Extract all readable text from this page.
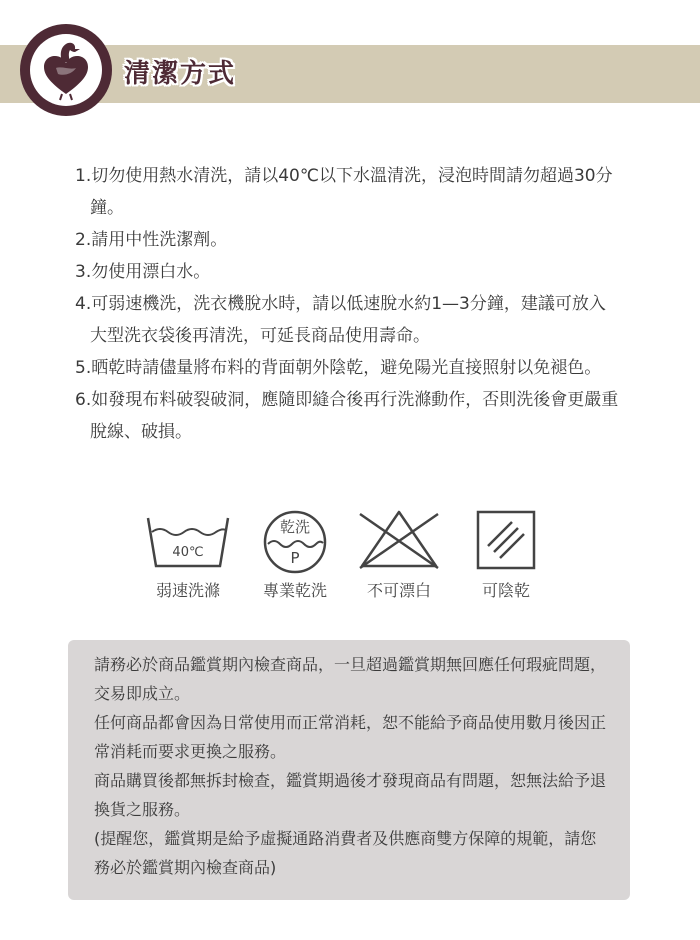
清潔方式
1.切勿使用熱水清洗，請以40℃以下水溫清洗，浸泡時間請勿超過30分鐘。
2.請用中性洗潔劑。
3.勿使用漂白水。
4.可弱速機洗，洗衣機脫水時，請以低速脫水約1—3分鐘，建議可放入大型洗衣袋後再清洗，可延長商品使用壽命。
5.晒乾時請儘量將布料的背面朝外陰乾，避免陽光直接照射以免褪色。
6.如發現布料破裂破洞，應隨即縫合後再行洗滌動作，否則洗後會更嚴重脫線、破損。
40℃
弱速洗滌
乾洗
P
專業乾洗 不可漂白	可陰乾

請務必於商品鑑賞期內檢查商品，一旦超過鑑賞期無回應任何瑕疵問題，交易即成立。

任何商品都會因為日常使用而正常消耗，恕不能給予商品使用數月後因正常消耗而要求更換之服務。

商品購買後都無拆封檢查，鑑賞期過後才發現商品有問題，恕無法給予退換貨之服務。

(提醒您，鑑賞期是給予虛擬通路消費者及供應商雙方保障的規範，請您務必於鑑賞期內檢查商品)
